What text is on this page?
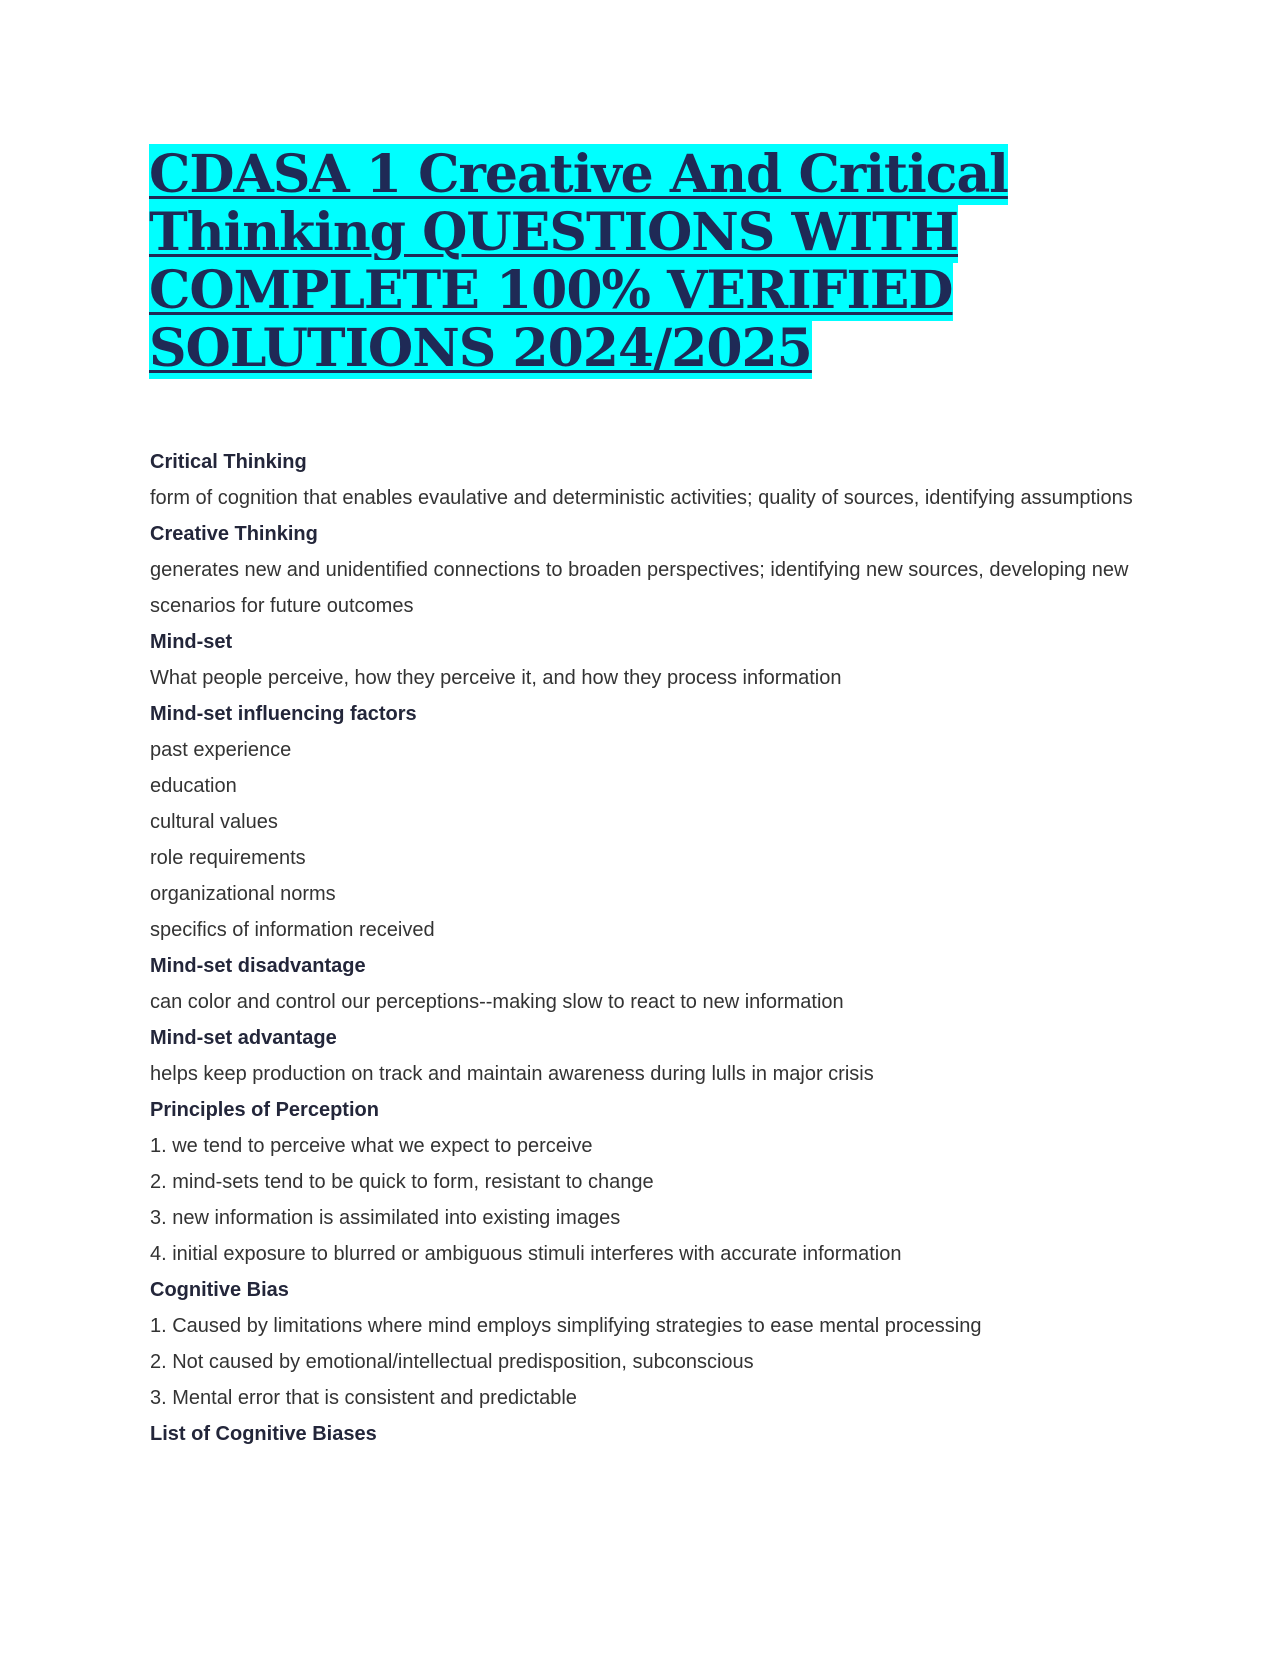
CDASA 1 Creative And Critical Thinking QUESTIONS WITH COMPLETE 100% VERIFIED SOLUTIONS 2024/2025
Critical Thinking
form of cognition that enables evaulative and deterministic activities; quality of sources, identifying assumptions
Creative Thinking
generates new and unidentified connections to broaden perspectives; identifying new sources, developing new scenarios for future outcomes
Mind-set
What people perceive, how they perceive it, and how they process information
Mind-set influencing factors
past experience
education
cultural values
role requirements
organizational norms
specifics of information received
Mind-set disadvantage
can color and control our perceptions--making slow to react to new information
Mind-set advantage
helps keep production on track and maintain awareness during lulls in major crisis
Principles of Perception
1. we tend to perceive what we expect to perceive
2. mind-sets tend to be quick to form, resistant to change
3. new information is assimilated into existing images
4. initial exposure to blurred or ambiguous stimuli interferes with accurate information
Cognitive Bias
1. Caused by limitations where mind employs simplifying strategies to ease mental processing
2. Not caused by emotional/intellectual predisposition, subconscious
3. Mental error that is consistent and predictable
List of Cognitive Biases
